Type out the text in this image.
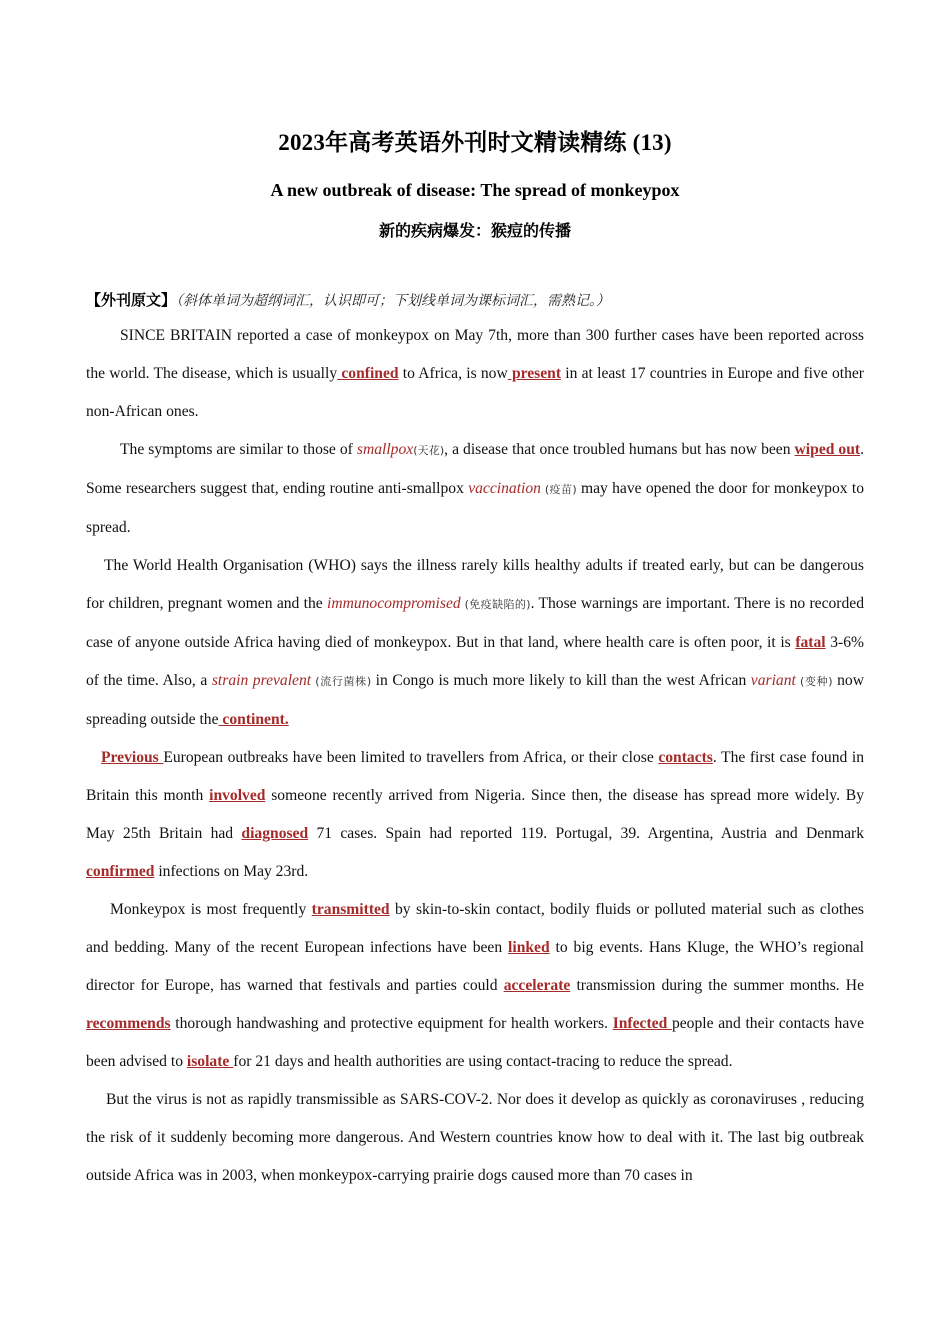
2023年高考英语外刊时文精读精练 (13)
A new outbreak of disease: The spread of monkeypox
新的疾病爆发：猴痘的传播
【外刊原文】（斜体单词为超纲词汇，认识即可；下划线单词为课标词汇，需熟记。）

SINCE BRITAIN reported a case of monkeypox on May 7th, more than 300 further cases have been reported across the world. The disease, which is usually confined to Africa, is now present in at least 17 countries in Europe and five other non-African ones.

The symptoms are similar to those of smallpox(天花), a disease that once troubled humans but has now been wiped out. Some researchers suggest that, ending routine anti-smallpox vaccination (疫苗) may have opened the door for monkeypox to spread.

The World Health Organisation (WHO) says the illness rarely kills healthy adults if treated early, but can be dangerous for children, pregnant women and the immunocompromised (免疫缺陷的). Those warnings are important. There is no recorded case of anyone outside Africa having died of monkeypox. But in that land, where health care is often poor, it is fatal 3-6% of the time. Also, a strain prevalent (流行菌株) in Congo is much more likely to kill than the west African variant (变种) now spreading outside the continent.

Previous European outbreaks have been limited to travellers from Africa, or their close contacts. The first case found in Britain this month involved someone recently arrived from Nigeria. Since then, the disease has spread more widely. By May 25th Britain had diagnosed 71 cases. Spain had reported 119. Portugal, 39. Argentina, Austria and Denmark confirmed infections on May 23rd.

Monkeypox is most frequently transmitted by skin-to-skin contact, bodily fluids or polluted material such as clothes and bedding. Many of the recent European infections have been linked to big events. Hans Kluge, the WHO’s regional director for Europe, has warned that festivals and parties could accelerate transmission during the summer months. He recommends thorough handwashing and protective equipment for health workers. Infected people and their contacts have been advised to isolate for 21 days and health authorities are using contact-tracing to reduce the spread.

But the virus is not as rapidly transmissible as SARS-COV-2. Nor does it develop as quickly as coronaviruses , reducing the risk of it suddenly becoming more dangerous. And Western countries know how to deal with it. The last big outbreak outside Africa was in 2003, when monkeypox-carrying prairie dogs caused more than 70 cases in
